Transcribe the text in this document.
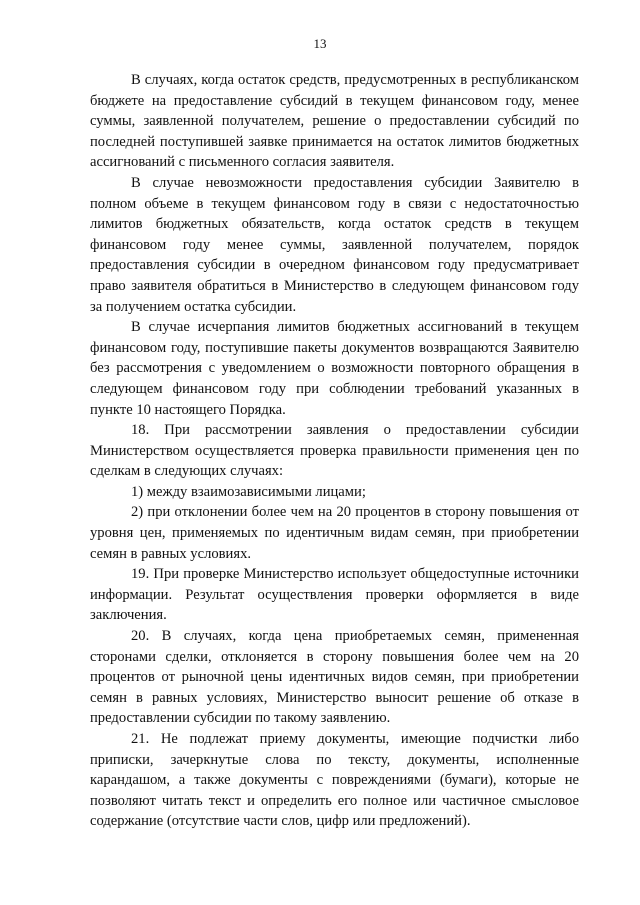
13

В случаях, когда остаток средств, предусмотренных в республиканском бюджете на предоставление субсидий в текущем финансовом году, менее суммы, заявленной получателем, решение о предоставлении субсидий по последней поступившей заявке принимается на остаток лимитов бюджетных ассигнований с письменного согласия заявителя.

В случае невозможности предоставления субсидии Заявителю в полном объеме в текущем финансовом году в связи с недостаточностью лимитов бюджетных обязательств, когда остаток средств в текущем финансовом году менее суммы, заявленной получателем, порядок предоставления субсидии в очередном финансовом году предусматривает право заявителя обратиться в Министерство в следующем финансовом году за получением остатка субсидии.

В случае исчерпания лимитов бюджетных ассигнований в текущем финансовом году, поступившие пакеты документов возвращаются Заявителю без рассмотрения с уведомлением о возможности повторного обращения в следующем финансовом году при соблюдении требований указанных в пункте 10 настоящего Порядка.

18. При рассмотрении заявления о предоставлении субсидии Министерством осуществляется проверка правильности применения цен по сделкам в следующих случаях:

1) между взаимозависимыми лицами;

2) при отклонении более чем на 20 процентов в сторону повышения от уровня цен, применяемых по идентичным видам семян, при приобретении семян в равных условиях.

19. При проверке Министерство использует общедоступные источники информации. Результат осуществления проверки оформляется в виде заключения.

20. В случаях, когда цена приобретаемых семян, примененная сторонами сделки, отклоняется в сторону повышения более чем на 20 процентов от рыночной цены идентичных видов семян, при приобретении семян в равных условиях, Министерство выносит решение об отказе в предоставлении субсидии по такому заявлению.

21. Не подлежат приему документы, имеющие подчистки либо приписки, зачеркнутые слова по тексту, документы, исполненные карандашом, а также документы с повреждениями (бумаги), которые не позволяют читать текст и определить его полное или частичное смысловое содержание (отсутствие части слов, цифр или предложений).
